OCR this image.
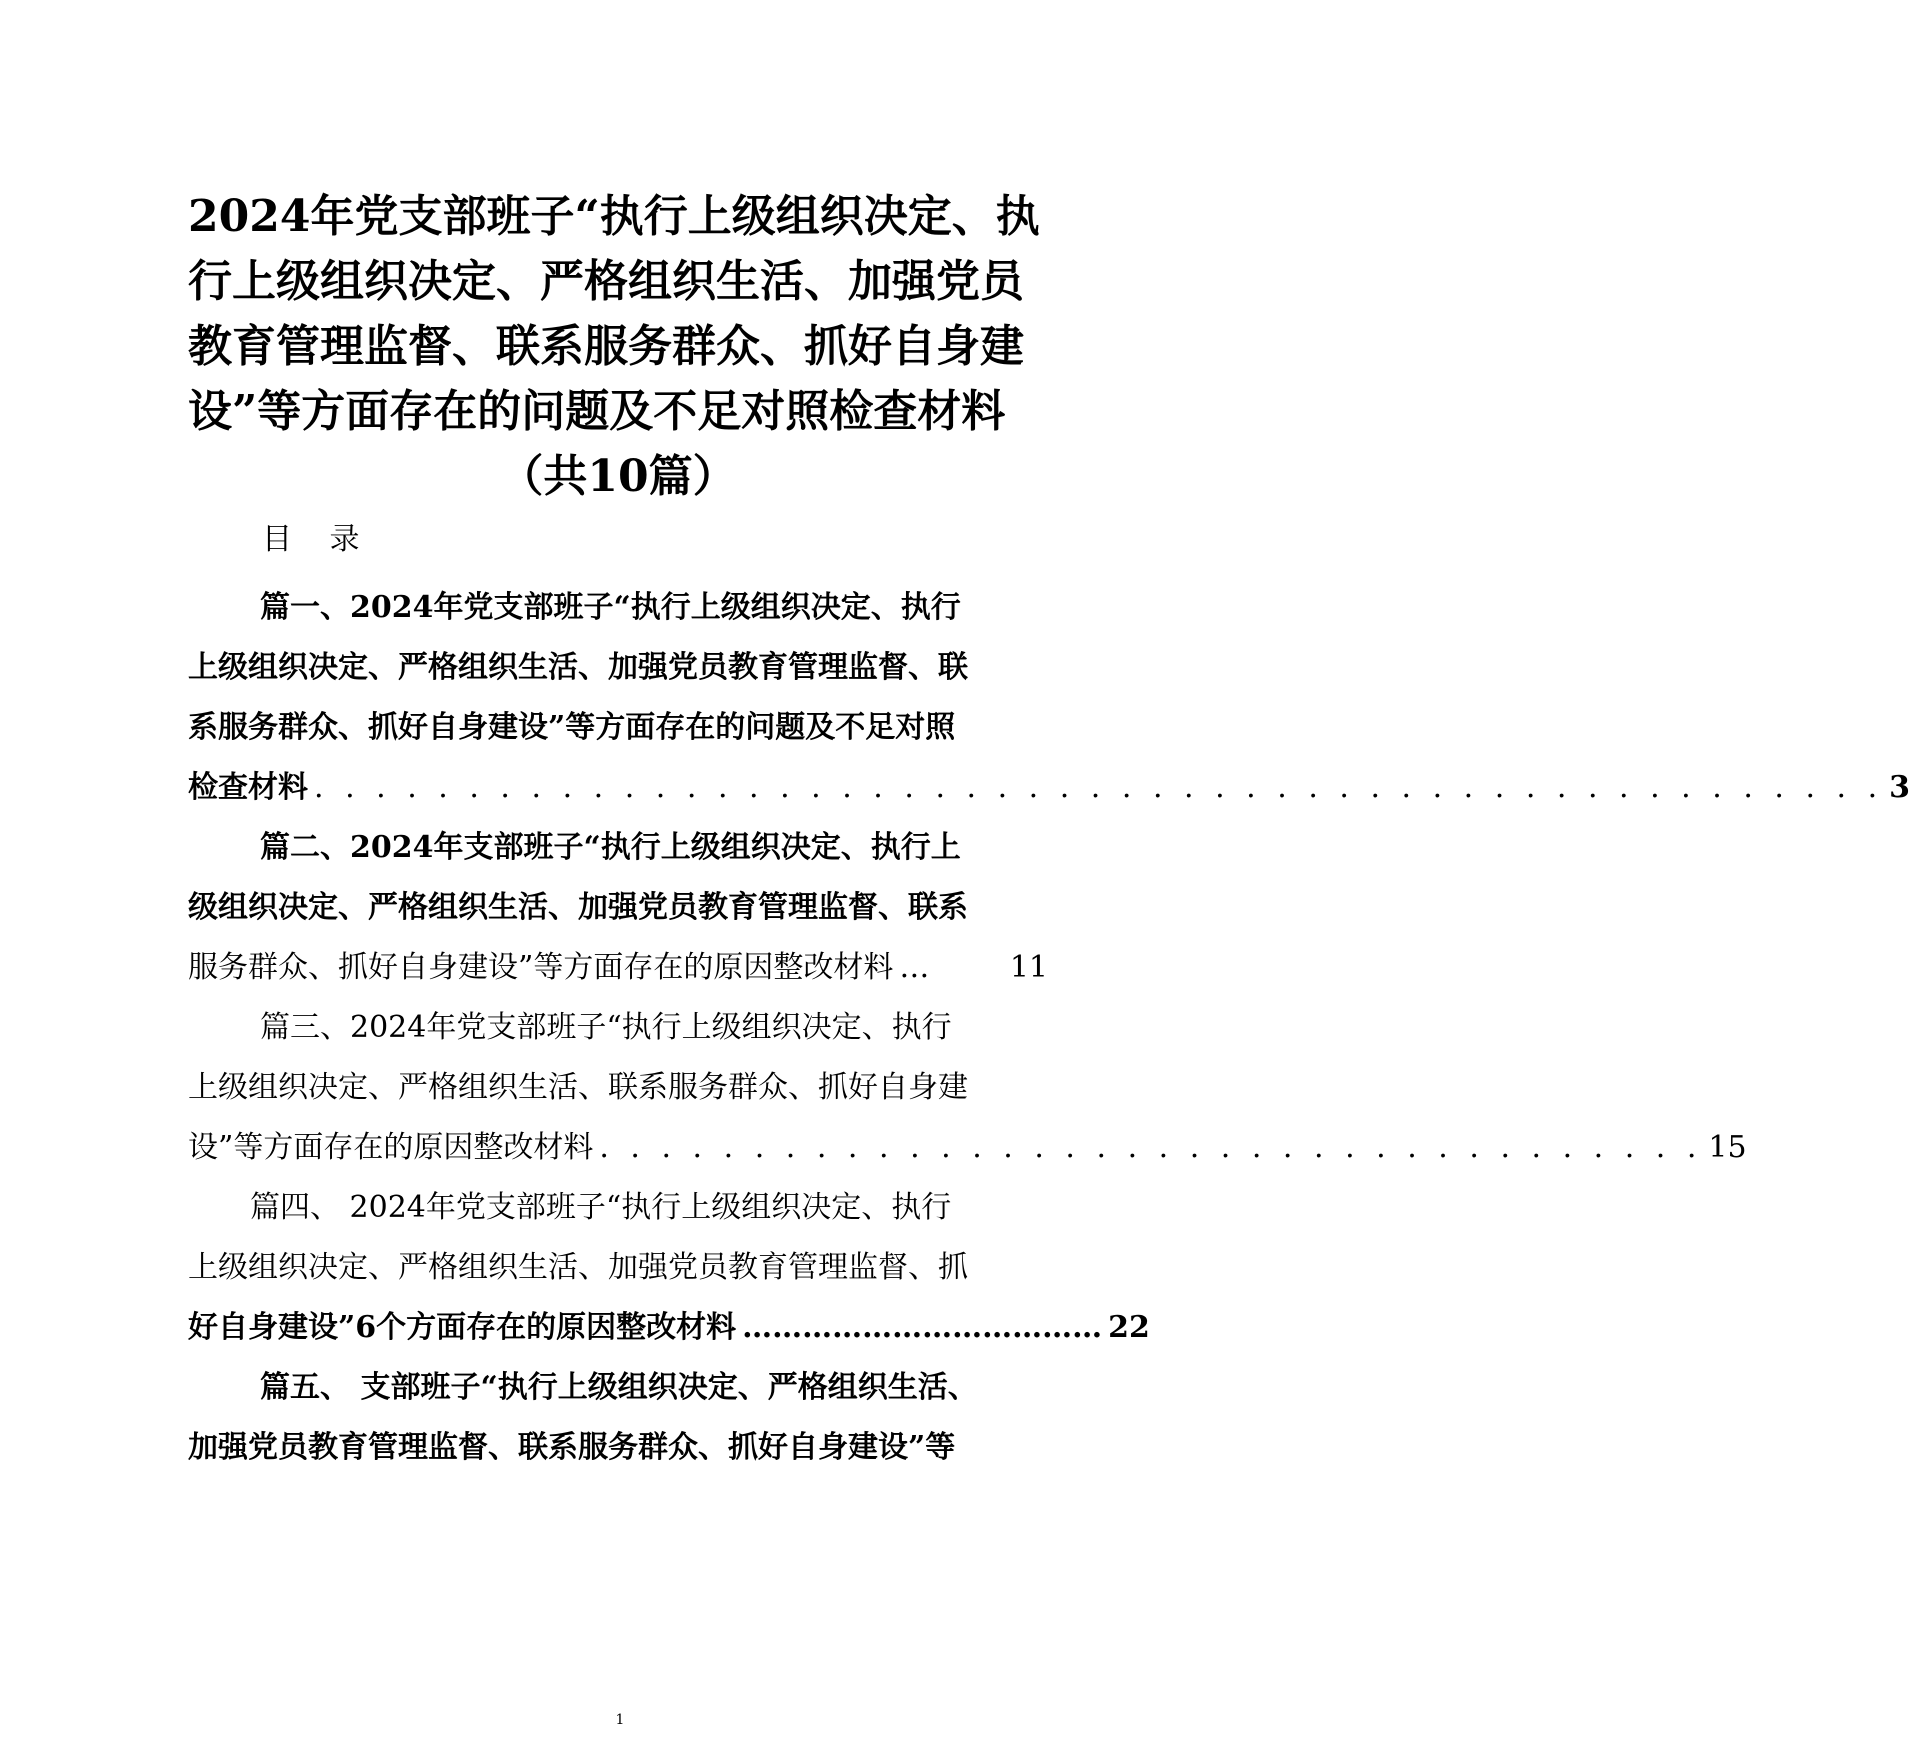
2024年党支部班子“执行上级组织决定、执
行上级组织决定、严格组织生活、加强党员
教育管理监督、联系服务群众、抓好自身建
设”等方面存在的问题及不足对照检查材料
（共10篇）
目 录
篇一、2024年党支部班子“执行上级组织决定、执行
上级组织决定、严格组织生活、加强党员教育管理监督、联
系服务群众、抓好自身建设”等方面存在的问题及不足对照
检查材料 . . . . . . . . . . . . . . . . . . . . . . . . . . . . . . . . . . . . . . . . . . . . . . . . . . . 3
篇二、2024年支部班子“执行上级组织决定、执行上
级组织决定、严格组织生活、加强党员教育管理监督、联系
服务群众、抓好自身建设”等方面存在的原因整改材料 …	11
篇三、2024年党支部班子“执行上级组织决定、执行
上级组织决定、严格组织生活、联系服务群众、抓好自身建
设”等方面存在的原因整改材料 . . . . . . . . . . . . . . . . . . . . . . . . . . . . . . . . . . . . 15
篇四、 2024年党支部班子“执行上级组织决定、执行
上级组织决定、严格组织生活、加强党员教育管理监督、抓
好自身建设”6个方面存在的原因整改材料 ……………………………… 22
篇五、 支部班子“执行上级组织决定、严格组织生活、
加强党员教育管理监督、联系服务群众、抓好自身建设”等
1
